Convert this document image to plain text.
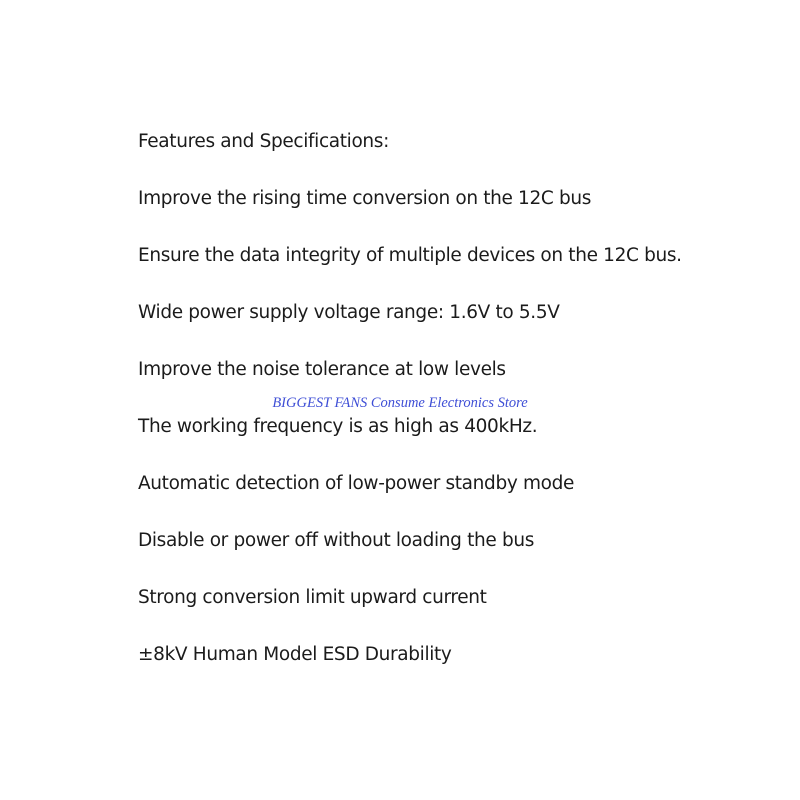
Features and Specifications:

Improve the rising time conversion on the 12C bus

Ensure the data integrity of multiple devices on the 12C bus.

Wide power supply voltage range: 1.6V to 5.5V

Improve the noise tolerance at low levels

The working frequency is as high as 400kHz.

Automatic detection of low-power standby mode

Disable or power off without loading the bus

Strong conversion limit upward current

±8kV Human Model ESD Durability

BIGGEST FANS Consume Electronics Store
